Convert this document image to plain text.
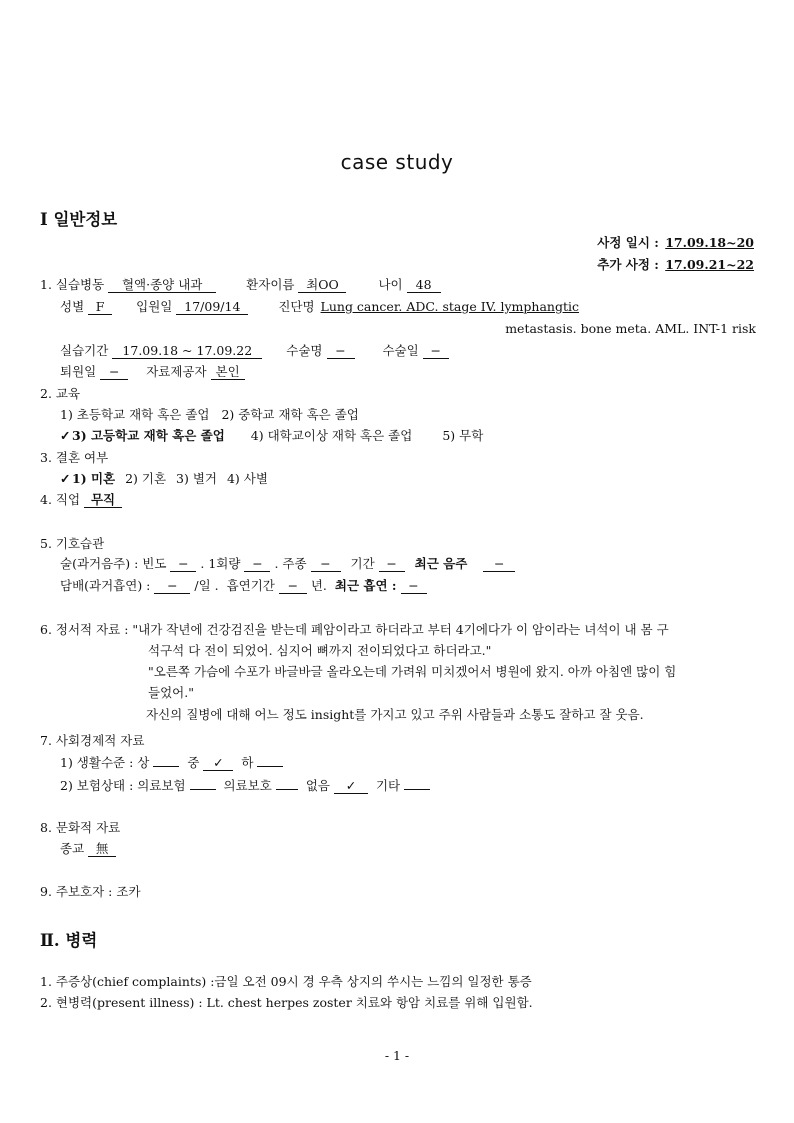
case study
Ⅰ 일반정보
사정 일시 : 17.09.18~20
추가 사정 : 17.09.21~22
1. 실습병동 혈액·종양 내과	환자이름 최OO	나이 48
성별 F	입원일 17/09/14	진단명 Lung cancer. ADC. stage IV. lymphangtic
metastasis. bone meta. AML. INT-1 risk
실습기간 17.09.18 ~ 17.09.22	수술명 −	수술일 −
퇴원일 − 자료제공자 본인
2. 교육
1) 초등학교 재학 혹은 졸업 2) 중학교 재학 혹은 졸업
✓ 3) 고등학교 재학 혹은 졸업 4) 대학교이상 재학 혹은 졸업 5) 무학
3. 결혼 여부
✓ 1) 미혼 2) 기혼 3) 별거 4) 사별
4. 직업 무직
5. 기호습관
술(과거음주) : 빈도 − . 1회량 − . 주종 − 기간 − 최근 음주 −
담배(과거흡연) : − /일 . 흡연기간 − 년. 최근 흡연 : −
6. 정서적 자료 : "내가 작년에 건강검진을 받는데 폐암이라고 하더라고 부터 4기에다가 이 암이라는 녀석이 내 몸 구
석구석 다 전이 되었어. 심지어 뼈까지 전이되었다고 하더라고."
"오른쪽 가슴에 수포가 바글바글 올라오는데 가려워 미치겠어서 병원에 왔지. 아까 아침엔 많이 힘
들었어."
자신의 질병에 대해 어느 정도 insight를 가지고 있고 주위 사람들과 소통도 잘하고 잘 웃음.
7. 사회경제적 자료
1) 생활수준 : 상	중 ✓ 하
2) 보험상태 : 의료보험	의료보호	없음 ✓ 기타
8. 문화적 자료
종교 無
9. 주보호자 : 조카
Ⅱ. 병력
1. 주증상(chief complaints) :금일 오전 09시 경 우측 상지의 쑤시는 느낌의 일정한 통증
2. 현병력(present illness) : Lt. chest herpes zoster 치료와 항암 치료를 위해 입원함.
- 1 -
